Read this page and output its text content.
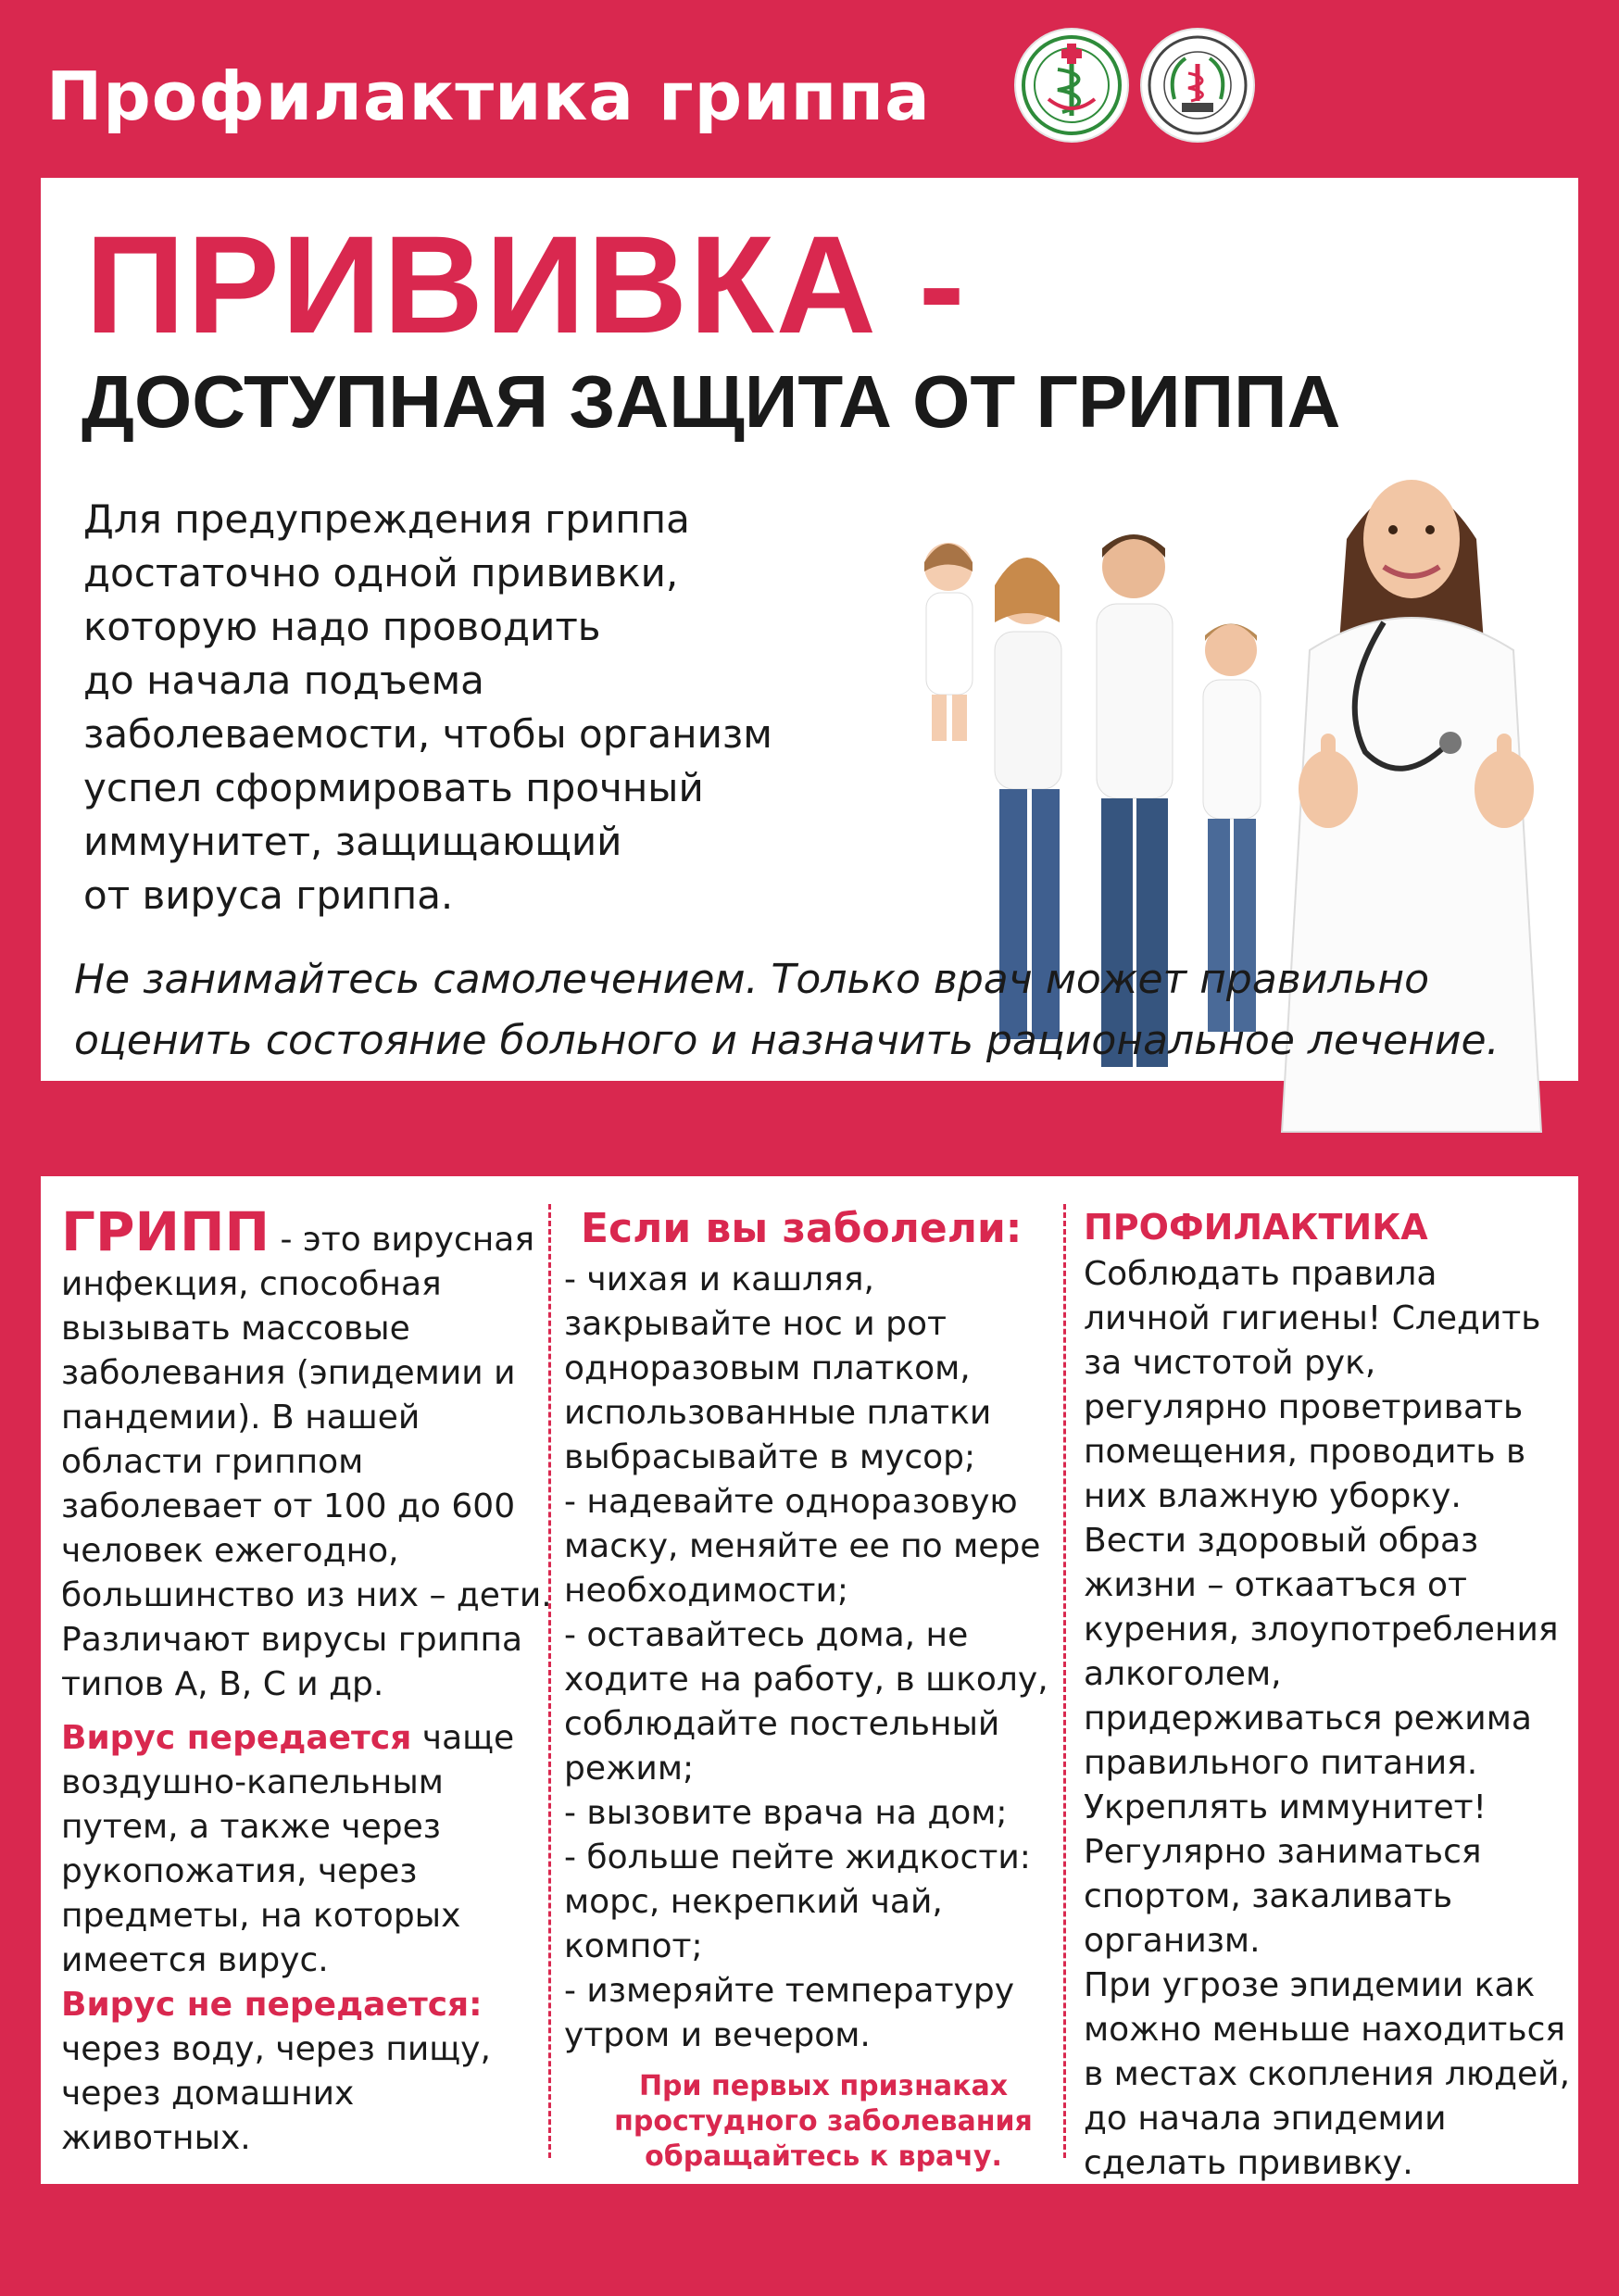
Профилактика гриппа
ПРИВИВКА -
ДОСТУПНАЯ ЗАЩИТА ОТ ГРИППА
Для предупреждения гриппа
достаточно одной прививки,
которую надо проводить
до начала подъема
заболеваемости, чтобы организм
успел сформировать прочный
иммунитет, защищающий
от вируса гриппа.
Не занимайтесь самолечением. Только врач может правильно
оценить состояние больного и назначить рациональное лечение.
ГРИПП - это вирусная
инфекция, способная
вызывать массовые
заболевания (эпидемии и
пандемии). В нашей
области гриппом
заболевает от 100 до 600
человек ежегодно,
большинство из них – дети.
Различают вирусы гриппа
типов А, В, С и др.
Вирус передается чаще
воздушно-капельным
путем, а также через
рукопожатия, через
предметы, на которых
имеется вирус.
Вирус не передается:
через воду, через пищу,
через домашних
животных.
Если вы заболели:
- чихая и кашляя,
закрывайте нос и рот
одноразовым платком,
использованные платки
выбрасывайте в мусор;
- надевайте одноразовую
маску, меняйте ее по мере
необходимости;
- оставайтесь дома, не
ходите на работу, в школу,
соблюдайте постельный
режим;
- вызовите врача на дом;
- больше пейте жидкости:
морс, некрепкий чай,
компот;
- измеряйте температуру
утром и вечером.
При первых признаках
простудного заболевания
обращайтесь к врачу.
ПРОФИЛАКТИКА
Соблюдать правила
личной гигиены! Следить
за чистотой рук,
регулярно проветривать
помещения, проводить в
них влажную уборку.
Вести здоровый образ
жизни – откаатъся от
курения, злоупотребления
алкоголем,
придерживаться режима
правильного питания.
Укреплять иммунитет!
Регулярно заниматься
спортом, закаливать
организм.
При угрозе эпидемии как
можно меньше находиться
в местах скопления людей,
до начала эпидемии
сделать прививку.
